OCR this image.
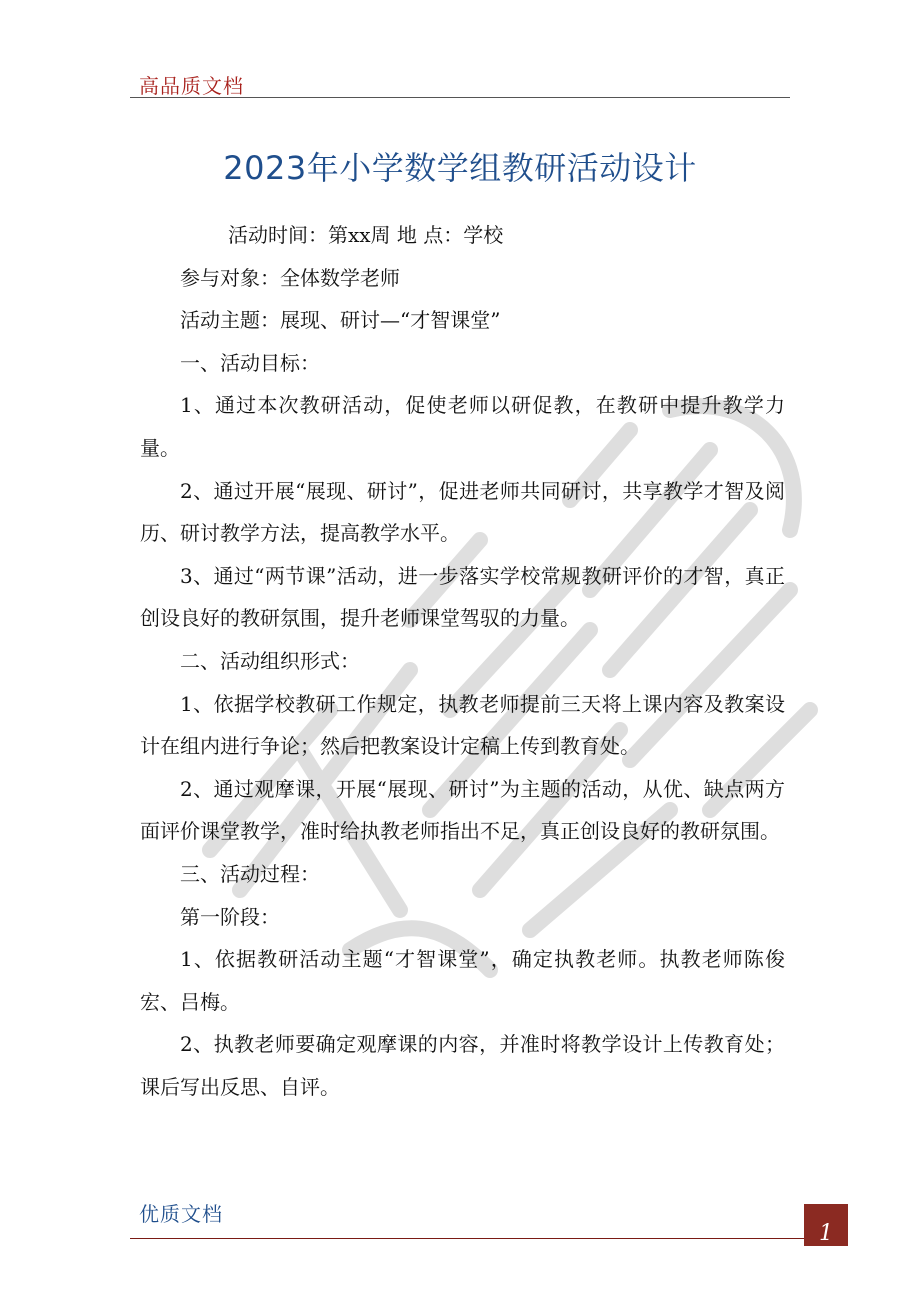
高品质文档
2023年小学数学组教研活动设计

活动时间：第xx周 地 点：学校

参与对象：全体数学老师

活动主题：展现、研讨—“才智课堂”

一、活动目标：

1、通过本次教研活动，促使老师以研促教，在教研中提升教学力量。

2、通过开展“展现、研讨”，促进老师共同研讨，共享教学才智及阅历、研讨教学方法，提高教学水平。

3、通过“两节课”活动，进一步落实学校常规教研评价的才智，真正创设良好的教研氛围，提升老师课堂驾驭的力量。

二、活动组织形式：

1、依据学校教研工作规定，执教老师提前三天将上课内容及教案设计在组内进行争论；然后把教案设计定稿上传到教育处。

2、通过观摩课，开展“展现、研讨”为主题的活动，从优、缺点两方面评价课堂教学，准时给执教老师指出不足，真正创设良好的教研氛围。

三、活动过程：

第一阶段：

1、依据教研活动主题“才智课堂”，确定执教老师。执教老师陈俊宏、吕梅。

2、执教老师要确定观摩课的内容，并准时将教学设计上传教育处；课后写出反思、自评。

优质文档
1
